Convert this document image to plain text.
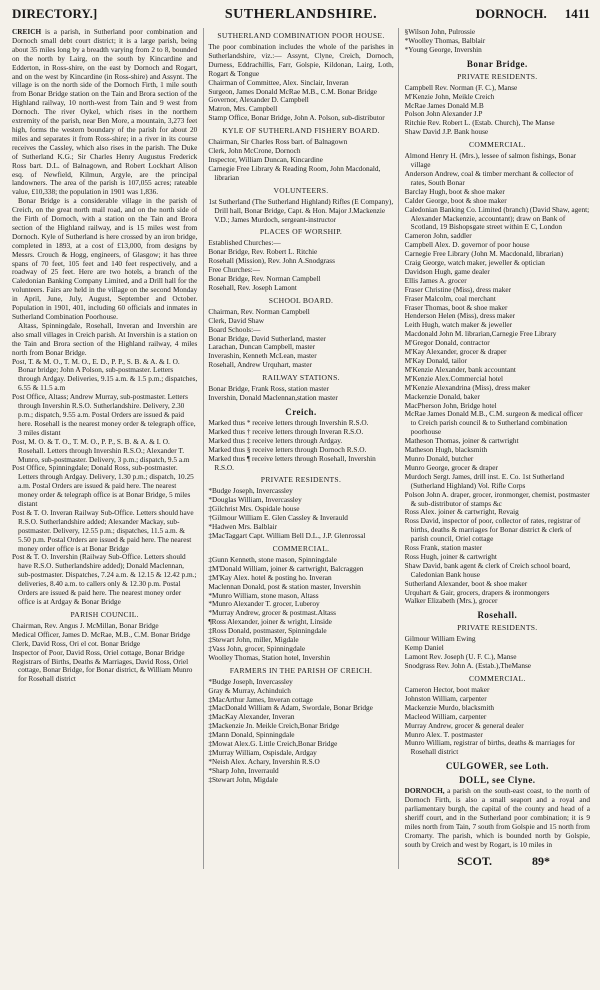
DIRECTORY.]	SUTHERLANDSHIRE.	DORNOCH. 1411

CREICH is a parish, in Sutherland poor combination and Dornoch small debt court district; it is a large parish, being about 35 miles long by a breadth varying from 2 to 8, bounded on the north by Lairg, on the south by Kincardine and Edderton, in Ross-shire, on the east by Dornoch and Rogart, and on the west by Kincardine (in Ross-shire) and Assynt. The village is on the north side of the Dornoch Firth, 1 mile south from Bonar Bridge station on the Tain and Brora section of the Highland railway, 10 north-west from Tain and 9 west from Dornoch. The river Oykel, which rises in the northern extremity of the parish, near Ben More, a mountain, 3,273 feet high, forms the western boundary of the parish for about 20 miles and separates it from Ross-shire; in a river in its course receives the Cassley, which also rises in the parish. The Duke of Sutherland K.G.; Sir Charles Henry Augustus Frederick Ross bart. D.L. of Balnagown, and Robert Lockhart Alison esq. of Newfield, Kilmun, Argyle, are the principal landowners. The area of the parish is 107,055 acres; rateable value, £10,338; the population in 1901 was 1,836.

Bonar Bridge is a considerable village in the parish of Creich, on the great north mail road, and on the north side of the Firth of Dornoch, with a station on the Tain and Brora section of the Highland railway, and is 15 miles west from Dornoch. Kyle of Sutherland is here crossed by an iron bridge, completed in 1893, at a cost of £13,000, from designs by Messrs. Crouch & Hogg, engineers, of Glasgow; it has three spans of 70 feet, 105 feet and 140 feet respectively, and a roadway of 25 feet. Here are two hotels, a branch of the Caledonian Banking Company Limited, and a Drill hall for the volunteers. Fairs are held in the village on the second Monday in April, June, July, August, September and October. Population in 1901, 401, including 60 officials and inmates in Sutherland Combination Poorhouse.

Altass, Spinningdale, Rosehall, Inveran and Invershin are also small villages in Creich parish. At Invershin is a station on the Tain and Brora section of the Highland railway, 4 miles north from Bonar Bridge.

Post, T. & M. O., T. M. O., E. D., P. P., S. B. & A. & I. O. Bonar bridge; John A Polson, sub-postmaster. Letters through Ardgay. Deliveries, 9.15 a.m. & 1.5 p.m.; dispatches, 6.55 & 11.5 a.m
Post Office, Altass; Andrew Murray, sub-postmaster. Letters through Invershin R.S.O. Sutherlandshire. Delivery, 2.30 p.m.; dispatch, 9.55 a.m. Postal Orders are issued & paid here. Rosehall is the nearest money order & telegraph office, 3 miles distant
Post, M. O. & T. O., T. M. O., P. P., S. B. & A. & I. O. Rosehall. Letters through Invershin R.S.O.; Alexander T. Munro, sub-postmaster. Delivery, 3 p.m.; dispatch, 9.5 a.m
Post Office, Spinningdale; Donald Ross, sub-postmaster. Letters through Ardgay. Delivery, 1.30 p.m.; dispatch, 10.25 a.m. Postal Orders are issued & paid here. The nearest money order & telegraph office is at Bonar Bridge, 5 miles distant
Post & T. O. Inveran Railway Sub-Office. Letters should have R.S.O. Sutherlandshire added; Alexander Mackay, sub-postmaster. Delivery, 12.55 p.m.; dispatches, 11.5 a.m. & 5.50 p.m. Postal Orders are issued & paid here. The nearest money order office is at Bonar Bridge
Post & T. O. Invershin (Railway Sub-Office. Letters should have R.S.O. Sutherlandshire added); Donald Maclennan, sub-postmaster. Dispatches, 7.24 a.m. & 12.15 & 12.42 p.m.; deliveries, 8.40 a.m. to callers only & 12.30 p.m. Postal Orders are issued & paid here. The nearest money order office is at Ardgay & Bonar Bridge
PARISH COUNCIL.
Chairman, Rev. Angus J. McMillan, Bonar Bridge
Medical Officer, James D. McRae, M.B., C.M. Bonar Bridge
Clerk, David Ross, Ori el cot. Bonar Bridge
Inspector of Poor, David Ross, Oriel cottage, Bonar Bridge
Registrars of Births, Deaths & Marriages, David Ross, Oriel cottage, Bonar Bridge, for Bonar district, & William Munro for Rosehall district
SUTHERLAND COMBINATION POOR HOUSE.

The poor combination includes the whole of the parishes in Sutherlandshire, viz.:— Assynt, Clyne, Creich, Dornoch, Durness, Eddrachillis, Farr, Golspie, Kildonan, Lairg, Loth, Rogart & Tongue

Chairman of Committee, Alex. Sinclair, Inveran
Surgeon, James Donald McRae M.B., C.M. Bonar Bridge
Governor, Alexander D. Campbell
Matron, Mrs. Campbell
Stamp Office, Bonar Bridge, John A. Polson, sub-distributor
KYLE OF SUTHERLAND FISHERY BOARD.
Chairman, Sir Charles Ross bart. of Balnagown
Clerk, John McCrone, Dornoch
Inspector, William Duncan, Kincardine
Carnegie Free Library & Reading Room, John Macdonald, librarian
VOLUNTEERS.
1st Sutherland (The Sutherland Highland) Rifles (E Company), Drill hall, Bonar Bridge, Capt. & Hon. Major J.Mackenzie V.D.; James Murdoch, sergeant-instructor
PLACES OF WORSHIP.
Established Churches:—
Bonar Bridge, Rev. Robert L. Ritchie
Rosehall (Mission), Rev. John A.Snodgrass
Free Churches:—
Bonar Bridge, Rev. Norman Campbell
Rosehall, Rev. Joseph Lamont
SCHOOL BOARD.
Chairman, Rev. Norman Campbell
Clerk, David Shaw
Board Schools:—
Bonar Bridge, David Sutherland, master
Larachan, Duncan Campbell, master
Inverashin, Kenneth McLean, master
Rosehall, Andrew Urquhart, master
RAILWAY STATIONS.
Bonar Bridge, Frank Ross, station master
Invershin, Donald Maclennan,station master
Creich.
Marked thus * receive letters through Invershin R.S.O.
Marked thus † receive letters through Inveran R.S.O.
Marked thus ‡ receive letters through Ardgay.
Marked thus § receive letters through Dornoch R.S.O.
Marked thus ¶ receive letters through Rosehall, Invershin R.S.O.
PRIVATE RESIDENTS.
*Budge Joseph, Invercassley
*Douglas William, Invercassley
‡Gilchrist Mrs. Ospidale house
†Gilmour William E. Glen Cassley & Inverauld
*Hadwen Mrs. Balblair
‡MacTaggart Capt. William Bell D.L., J.P. Glenrossal
COMMERCIAL.
‡Gunn Kenneth, stone mason, Spinningdale
‡M'Donald William, joiner & cartwright, Balcraggen
‡M'Kay Alex. hotel & posting ho. Inveran
Maclennan Donald, post & station master, Invershin
*Munro William, stone mason, Altass
*Munro Alexander T. grocer, Luberoy
*Murray Andrew, grocer & postmast.Altass
¶Ross Alexander, joiner & wright, Linside
‡Ross Donald, postmaster, Spinningdale
‡Stewart John, miller, Migdale
‡Vass John, grocer, Spinningdale
Woolley Thomas, Station hotel, Invershin
FARMERS IN THE PARISH OF CREICH.
*Budge Joseph, Invercassley
Gray & Murray, Achinduich
‡MacArthur James, Inveran cottage
‡MacDonald William & Adam, Swordale, Bonar Bridge
‡MacKay Alexander, Inveran
‡Mackenzie Jn. Meikle Creich,Bonar Bridge
‡Mann Donald, Spinningdale
‡Mowat Alex.G. Little Creich,Bonar Bridge
‡Murray William, Ospisdale, Ardgay
*Neish Alex. Achary, Invershin R.S.O
*Sharp John, Inverrauld
‡Stewart John, Migdale
§Wilson John, Pulrossie
*Woolley Thomas, Balblair
*Young George, Invershin
Bonar Bridge.
PRIVATE RESIDENTS.
Campbell Rev. Norman (F. C.), Manse
M'Kenzie John, Meikle Creich
McRae James Donald M.B
Polson John Alexander J.P
Ritchie Rev. Robert L. (Estab. Church), The Manse
Shaw David J.P. Bank house
COMMERCIAL.
Almond Henry H. (Mrs.), lessee of salmon fishings, Bonar village
Anderson Andrew, coal & timber merchant & collector of rates, South Bonar
Barclay Hugh, boot & shoe maker
Calder George, boot & shoe maker
Caledonian Banking Co. Limited (branch) (David Shaw, agent; Alexander Mackenzie, accountant); draw on Bank of Scotland, 19 Bishopsgate street within E C, London
Cameron John, saddler
Campbell Alex. D. governor of poor house
Carnegie Free Library (John M. Macdonald, librarian)
Craig George, watch maker, jeweller & optician
Davidson Hugh, game dealer
Ellis James A. grocer
Fraser Christine (Miss), dress maker
Fraser Malcolm, coal merchant
Fraser Thomas, boot & shoe maker
Henderson Helen (Miss), dress maker
Leith Hugh, watch maker & jeweller
Macdonald John M. librarian,Carnegie Free Library
M'Gregor Donald, contractor
M'Kay Alexander, grocer & draper
M'Kay Donald, tailor
M'Kenzie Alexander, bank accountant
M'Kenzie Alex.Commercial hotel
M'Kenzie Alexandrina (Miss), dress maker
Mackenzie Donald, baker
MacPherson John, Bridge hotel
McRae James Donald M.B., C.M. surgeon & medical officer to Creich parish council & to Sutherland combination poorhouse
Matheson Thomas, joiner & cartwright
Matheson Hugh, blacksmith
Munro Donald, butcher
Munro George, grocer & draper
Murdoch Sergt. James, drill inst. E. Co. 1st Sutherland (Sutherland Highland) Vol. Rifle Corps
Polson John A. draper, grocer, ironmonger, chemist, postmaster & sub-distributor of stamps &c
Ross Alex. joiner & cartwright, Revaig
Ross David, inspector of poor, collector of rates, registrar of births, deaths & marriages for Bonar district & clerk of parish council, Oriel cottage
Ross Frank, station master
Ross Hugh, joiner & cartwright
Shaw David, bank agent & clerk of Creich school board, Caledonian Bank house
Sutherland Alexander, boot & shoe maker
Urquhart & Gair, grocers, drapers & ironmongers
Walker Elizabeth (Mrs.), grocer
Rosehall.
PRIVATE RESIDENTS.
Gilmour William Ewing
Kemp Daniel
Lamont Rev. Joseph (U. F. C.), Manse
Snodgrass Rev. John A. (Estab.),TheManse
COMMERCIAL.
Cameron Hector, boot maker
Johnston William, carpenter
Mackenzie Murdo, blacksmith
Macleod William, carpenter
Murray Andrew, grocer & general dealer
Munro Alex. T. postmaster
Munro William, registrar of births, deaths & marriages for Rosehall district
CULGOWER, see Loth.
DOLL, see Clyne.

DORNOCH, a parish on the south-east coast, to the north of Dornoch Firth, is also a small seaport and a royal and parliamentary burgh, the capital of the county and head of a sheriff court, and in the Sutherland poor combination; it is 9 miles north from Tain, 7 south from Golspie and 15 north from Cromarty. The parish, which is bounded north by Golspie, south by Creich and west by Rogart, is 10 miles in

SCOT.	89*
